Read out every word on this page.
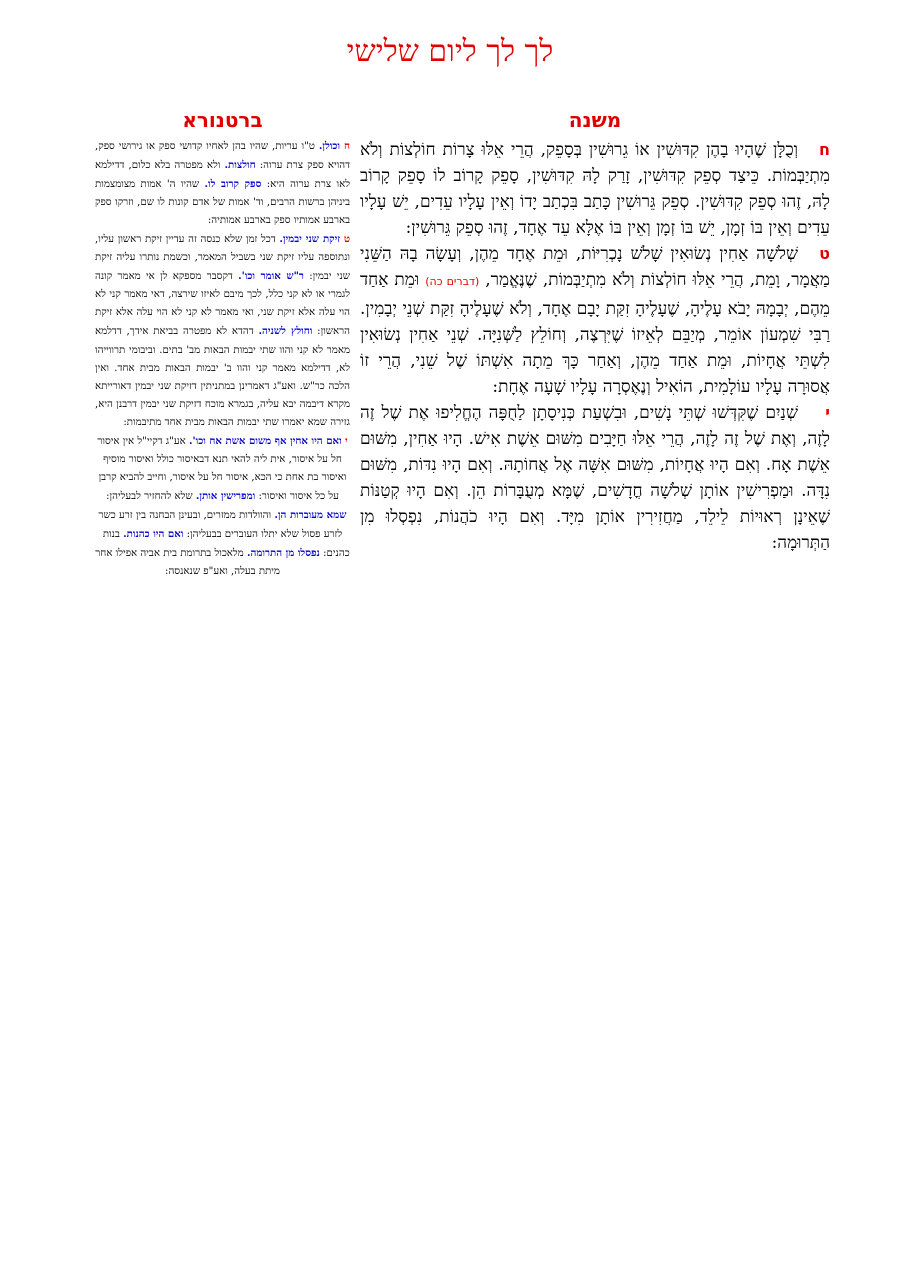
לך לך ליום שלישי
משנה
ברטנורא

חוְכֻלָּן שֶׁהָיוּ בָהֶן קִדּוּשִׁין אוֹ גֵרוּשִׁין בְּסָפֵק, הֲרֵי אֵלּוּ צָרוֹת חוֹלְצוֹת וְלֹא מִתְיַבְּמוֹת. כֵּיצַד סְפֵק קִדּוּשִׁין, זָרַק לָהּ קִדּוּשִׁין, סָפֵק קָרוֹב לוֹ סָפֵק קָרוֹב לָהּ, זֶהוּ סְפֵק קִדּוּשִׁין. סְפֵק גֵּרוּשִׁין כָּתַב בִּכְתַב יָדוֹ וְאֵין עָלָיו עֵדִים, יֵשׁ עָלָיו עֵדִים וְאֵין בּוֹ זְמָן, יֵשׁ בּוֹ זְמָן וְאֵין בּוֹ אֶלָּא עֵד אֶחָד, זֶהוּ סְפֵק גֵּרוּשִׁין:

טשְׁלֹשָׁה אַחִין נְשׂוּאִין שָׁלֹשׁ נָכְרִיּוֹת, וּמֵת אֶחָד מֵהֶן, וְעָשָׂה בָהּ הַשֵּׁנִי מַאֲמָר, וָמֵת, הֲרֵי אֵלּוּ חוֹלְצוֹת וְלֹא מִתְיַבְּמוֹת, שֶׁנֶּאֱמַר, (דברים כה) וּמֵת אַחַד מֵהֶם, יְבָמָהּ יָבֹא עָלֶיהָ, שֶׁעָלֶיהָ זִקַּת יָבָם אֶחָד, וְלֹא שֶׁעָלֶיהָ זִקַּת שְׁנֵי יְבָמִין. רַבִּי שִׁמְעוֹן אוֹמֵר, מְיַבֵּם לְאֵיזוֹ שֶׁיִּרְצֶה, וְחוֹלֵץ לַשְּׁנִיָּה. שְׁנֵי אַחִין נְשׂוּאִין לִשְׁתֵּי אֲחָיוֹת, וּמֵת אַחַד מֵהֶן, וְאַחַר כָּךְ מֵתָה אִשְׁתּוֹ שֶׁל שֵׁנִי, הֲרֵי זוֹ אֲסוּרָה עָלָיו עוֹלָמִית, הוֹאִיל וְנֶאֶסְרָה עָלָיו שָׁעָה אֶחָת:

ישְׁנַיִם שֶׁקִּדְּשׁוּ שְׁתֵּי נָשִׁים, וּבִשְׁעַת כְּנִיסָתָן לַחֻפָּה הֶחֱלִיפוּ אֶת שֶׁל זֶה לָזֶה, וְאֶת שֶׁל זֶה לָזֶה, הֲרֵי אֵלּוּ חַיָּבִים מִשּׁוּם אֵשֶׁת אִישׁ. הָיוּ אַחִין, מִשּׁוּם אֵשֶׁת אָח. וְאִם הָיוּ אֲחָיוֹת, מִשּׁוּם אִשָּׁה אֶל אֲחוֹתָהּ. וְאִם הָיוּ נִדּוֹת, מִשּׁוּם נִדָּה. וּמַפְרִישִׁין אוֹתָן שְׁלֹשָׁה חֳדָשִׁים, שֶׁמָּא מְעֻבָּרוֹת הֵן. וְאִם הָיוּ קְטַנּוֹת שֶׁאֵינָן רְאוּיוֹת לֵילֵד, מַחֲזִירִין אוֹתָן מִיָּד. וְאִם הָיוּ כֹהֲנוֹת, נִפְסְלוּ מִן הַתְּרוּמָה:

ח וכולן. ט"ו עריות, שהיו בהן לאחיו קדושי ספק או גירושי ספק, דהויא ספק צרת ערוה: חולצות. ולא מפטרה בלא כלום, דדילמא לאו צרת ערוה היא: ספק קרוב לו. שהיו ה' אמות מצומצמות ביניהן ברשות הרבים, וד' אמות של אדם קונות לו שם, וזרקו ספק בארבע אמותיו ספק בארבע אמותיה:

ט זיקת שני יבמין. דכל זמן שלא כנסה זה עדיין זיקת ראשון עליו, ונתוספה עליו זיקת שני בשביל המאמר, וכשמת נותרו עליה זיקת שני יבמין: ר"ש אומר וכו'. דקסבר מספקא לן אי מאמר קונה לגמרי או לא קני כלל, לכך מיבם לאיזו שירצה, דאי מאמר קני לא הוי עלה אלא זיקת שני, ואי מאמר לא קני לא הוי עלה אלא זיקת הראשון: וחולץ לשניה. דהדא לא מפטרה בביאת אידך, דדלמא מאמר לא קני והוו שתי יבמות הבאות מב' בתים. וביבומי תרווייהו לא, דדילמא מאמר קני והוו ב' יבמות הבאות מבית אחד. ואין הלכה כר"ש. ואע"ג דאמרינן במתניתין דזיקת שני יבמין דאורייתא מקרא דיבמה יבא עליה, בגמרא מוכח דזיקת שני יבמין דרבנן היא, גזירה שמא יאמרו שתי יבמות הבאות מבית אחד מתיבמות:

י ואם היו אחין אף משום אשת אח וכו'. אע"ג דקיי"ל אין איסור חל על איסור, אית ליה להאי תנא דבאיסור כולל ואיסור מוסיף ואיסור בת אחת כי הכא, איסור חל על איסור, וחייב להביא קרבן על כל איסור ואיסור: ומפרישין אותן. שלא להחזיר לבעליהן: שמא מעוברות הן. והוולדות ממזרים, ובעינן הבחנה בין זרע כשר לזרע פסול שלא יתלו העוברים בבעליהן: ואם היו כהנות. בנות כהנים: נפסלו מן התרומה. מלאכול בתרומת בית אביה אפילו אחר מיתת בעלה, ואע"פ שנאנסה:
